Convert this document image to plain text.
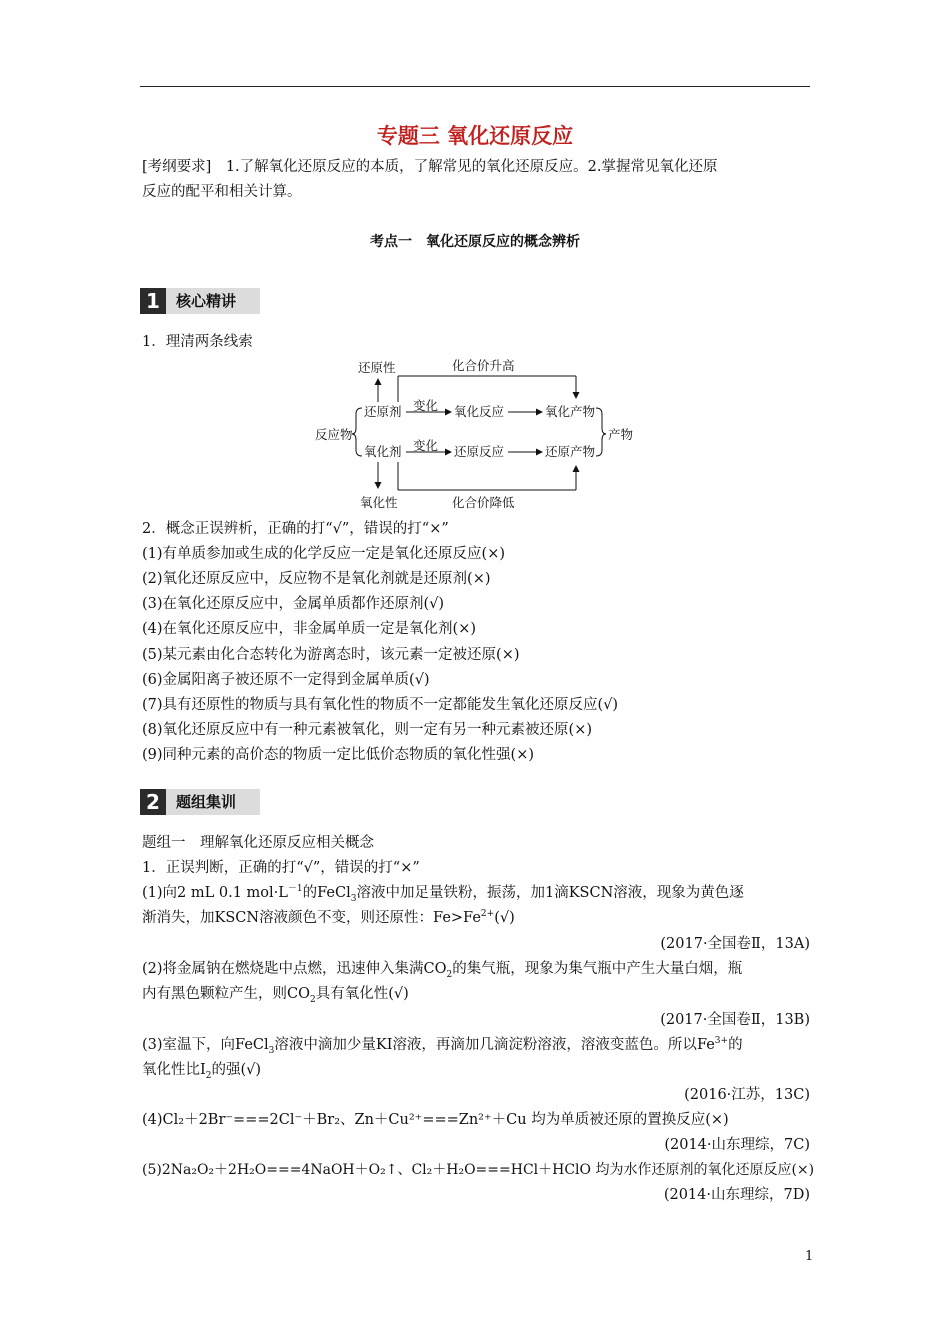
专题三 氧化还原反应
[考纲要求]　1.了解氧化还原反应的本质，了解常见的氧化还原反应。2.掌握常见氧化还原
反应的配平和相关计算。
考点一　氧化还原反应的概念辨析
1	核心精讲
1．理清两条线索
还原性	化合价升高
反应物	产物
还原剂 变化 氧化反应	氧化产物
氧化剂 变化 还原反应	还原产物
氧化性	化合价降低
2．概念正误辨析，正确的打“√”，错误的打“×”
(1)有单质参加或生成的化学反应一定是氧化还原反应(×)
(2)氧化还原反应中，反应物不是氧化剂就是还原剂(×)
(3)在氧化还原反应中，金属单质都作还原剂(√)
(4)在氧化还原反应中，非金属单质一定是氧化剂(×)
(5)某元素由化合态转化为游离态时，该元素一定被还原(×)
(6)金属阳离子被还原不一定得到金属单质(√)
(7)具有还原性的物质与具有氧化性的物质不一定都能发生氧化还原反应(√)
(8)氧化还原反应中有一种元素被氧化，则一定有另一种元素被还原(×)
(9)同种元素的高价态的物质一定比低价态物质的氧化性强(×)
2	题组集训
题组一　理解氧化还原反应相关概念
1．正误判断，正确的打“√”，错误的打“×”
(1)向2 mL 0.1 $mol\cdot L^{-1}$的FeCl$_3$溶液中加足量铁粉，振荡，加1滴KSCN溶液，现象为黄色逐
渐消失，加KSCN溶液颜色不变，则还原性：$Fe>Fe^{2+}(√)$
(2017·全国卷Ⅱ，13A)
(2)将金属钠在燃烧匙中点燃，迅速伸入集满$CO_2$的集气瓶，现象为集气瓶中产生大量白烟，瓶
内有黑色颗粒产生，则$CO_2$具有氧化性(√)
(2017·全国卷Ⅱ，13B)
(3)室温下，向FeCl$_3$溶液中滴加少量KI溶液，再滴加几滴淀粉溶液，溶液变蓝色。所以$Fe^{3+}$的
氧化性比$I_2$的强(√)
(2016·江苏，13C)
(4)Cl₂＋2Br⁻===2Cl⁻＋Br₂、Zn＋Cu²⁺===Zn²⁺＋Cu 均为单质被还原的置换反应(×)
(2014·山东理综，7C)
(5)2Na₂O₂＋2H₂O===4NaOH＋O₂↑、Cl₂＋H₂O===HCl＋HClO 均为水作还原剂的氧化还原反应(×)
(2014·山东理综，7D)
1
